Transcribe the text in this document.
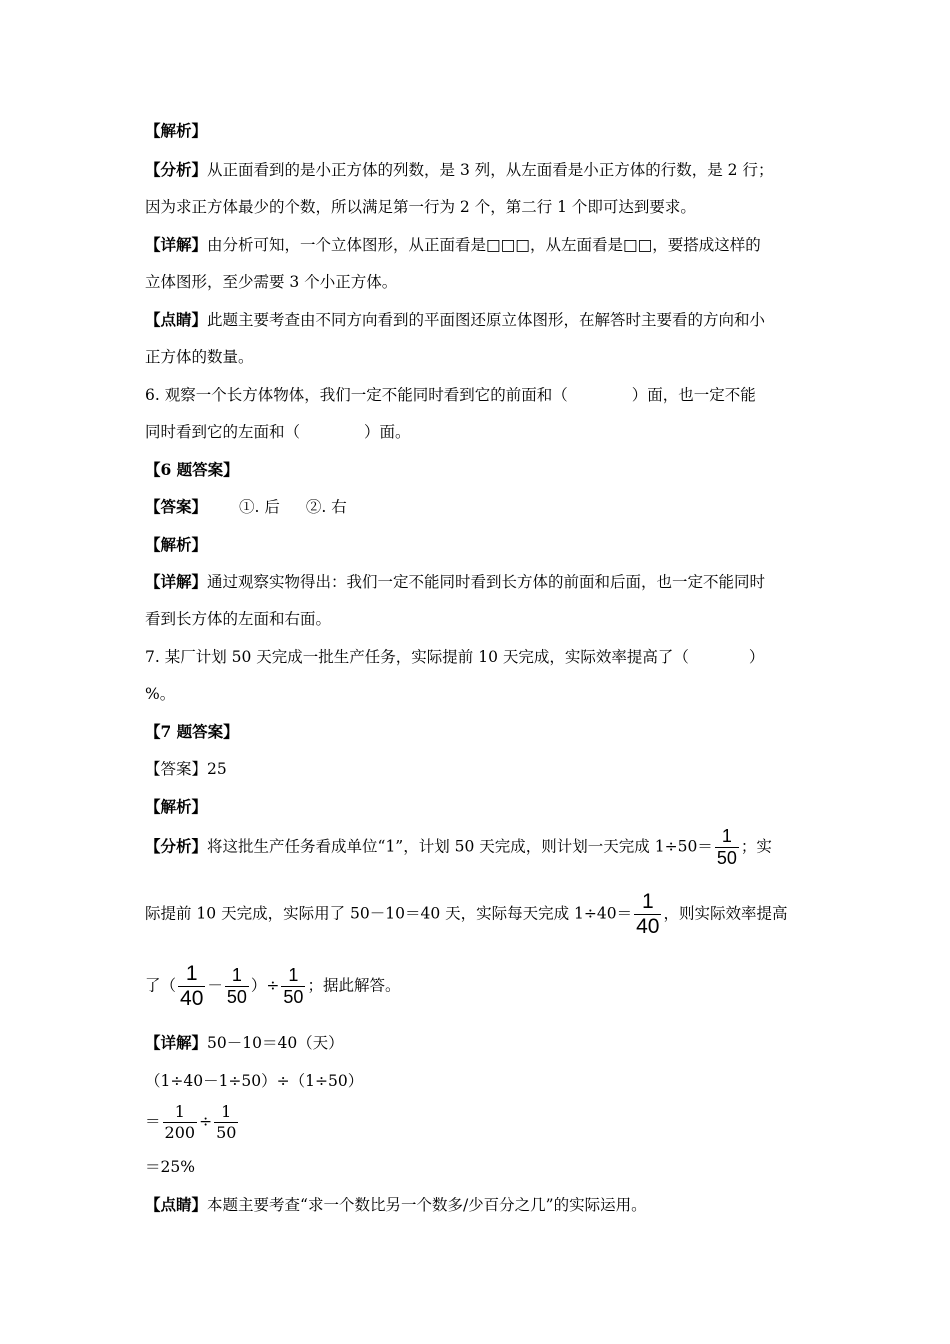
【解析】
【分析】从正面看到的是小正方体的列数，是 3 列，从左面看是小正方体的行数，是 2 行；
因为求正方体最少的个数，所以满足第一行为 2 个，第二行 1 个即可达到要求。
【详解】由分析可知，一个立体图形，从正面看是□□□，从左面看是□□，要搭成这样的
立体图形，至少需要 3 个小正方体。
【点睛】此题主要考查由不同方向看到的平面图还原立体图形，在解答时主要看的方向和小
正方体的数量。
6. 观察一个长方体物体，我们一定不能同时看到它的前面和（	）面，也一定不能
同时看到它的左面和（	）面。
【6 题答案】
【答案】 ①. 后 ②. 右
【解析】
【详解】通过观察实物得出：我们一定不能同时看到长方体的前面和后面，也一定不能同时
看到长方体的左面和右面。
7. 某厂计划 50 天完成一批生产任务，实际提前 10 天完成，实际效率提高了（	）
%。
【7 题答案】
【答案】25
【解析】
【分析】将这批生产任务看成单位“1”，计划 50 天完成，则计划一天完成 $1\div 50= \frac{1}{50}$ ；实
际提前 10 天完成，实际用了 50－10＝40 天，实际每天完成 $1\div 40= \frac{1}{40}$ ，则实际效率提高
了（ $\frac{1}{40} - \frac{1}{50}$ ）÷ $\frac{1}{50}$ ；据此解答。
【详解】50－10＝40（天）
（1÷40－1÷50）÷（1÷50）
＝ $\frac{1}{200} \div \frac{1}{50}$
＝25%
【点睛】本题主要考查“求一个数比另一个数多/少百分之几”的实际运用。
